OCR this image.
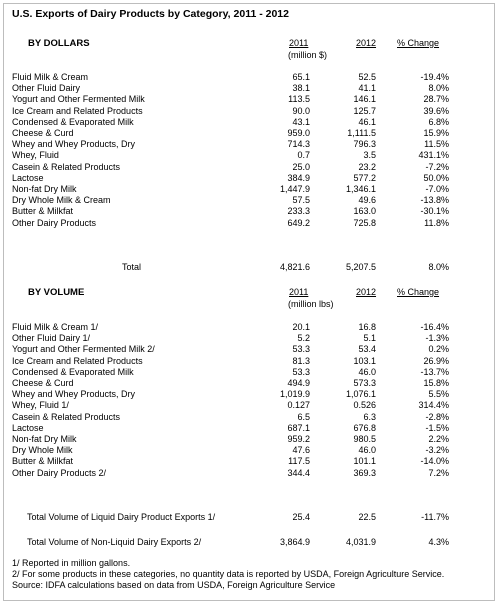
U.S. Exports of Dairy Products by Category, 2011 - 2012
BY DOLLARS	2011	2012 % Change
(million $)
Fluid Milk & Cream	65.1	52.5	-19.4%
Other Fluid Dairy	38.1	41.1	8.0%
Yogurt and Other Fermented Milk	113.5	146.1	28.7%
Ice Cream and Related Products	90.0	125.7	39.6%
Condensed & Evaporated Milk	43.1	46.1	6.8%
Cheese & Curd	959.0	1,111.5	15.9%
Whey and Whey Products, Dry	714.3	796.3	11.5%
Whey, Fluid	0.7	3.5	431.1%
Casein & Related Products	25.0	23.2	-7.2%
Lactose	384.9	577.2	50.0%
Non-fat Dry Milk	1,447.9	1,346.1	-7.0%
Dry Whole Milk & Cream	57.5	49.6	-13.8%
Butter & Milkfat	233.3	163.0	-30.1%
Other Dairy Products	649.2	725.8	11.8%
Total	4,821.6	5,207.5	8.0%
BY VOLUME	2011	2012 % Change
(million lbs)
Fluid Milk & Cream 1/	20.1	16.8	-16.4%
Other Fluid Dairy 1/	5.2	5.1	-1.3%
Yogurt and Other Fermented Milk 2/	53.3	53.4	0.2%
Ice Cream and Related Products	81.3	103.1	26.9%
Condensed & Evaporated Milk	53.3	46.0	-13.7%
Cheese & Curd	494.9	573.3	15.8%
Whey and Whey Products, Dry	1,019.9	1,076.1	5.5%
Whey, Fluid 1/	0.127	0.526	314.4%
Casein & Related Products	6.5	6.3	-2.8%
Lactose	687.1	676.8	-1.5%
Non-fat Dry Milk	959.2	980.5	2.2%
Dry Whole Milk	47.6	46.0	-3.2%
Butter & Milkfat	117.5	101.1	-14.0%
Other Dairy Products 2/	344.4	369.3	7.2%
Total Volume of Liquid Dairy Product Exports 1/	25.4	22.5	-11.7%
Total Volume of Non-Liquid Dairy Exports 2/	3,864.9	4,031.9	4.3%
1/ Reported in million gallons.
2/ For some products in these categories, no quantity data is reported by USDA, Foreign Agriculture Service.
Source: IDFA calculations based on data from USDA, Foreign Agriculture Service
